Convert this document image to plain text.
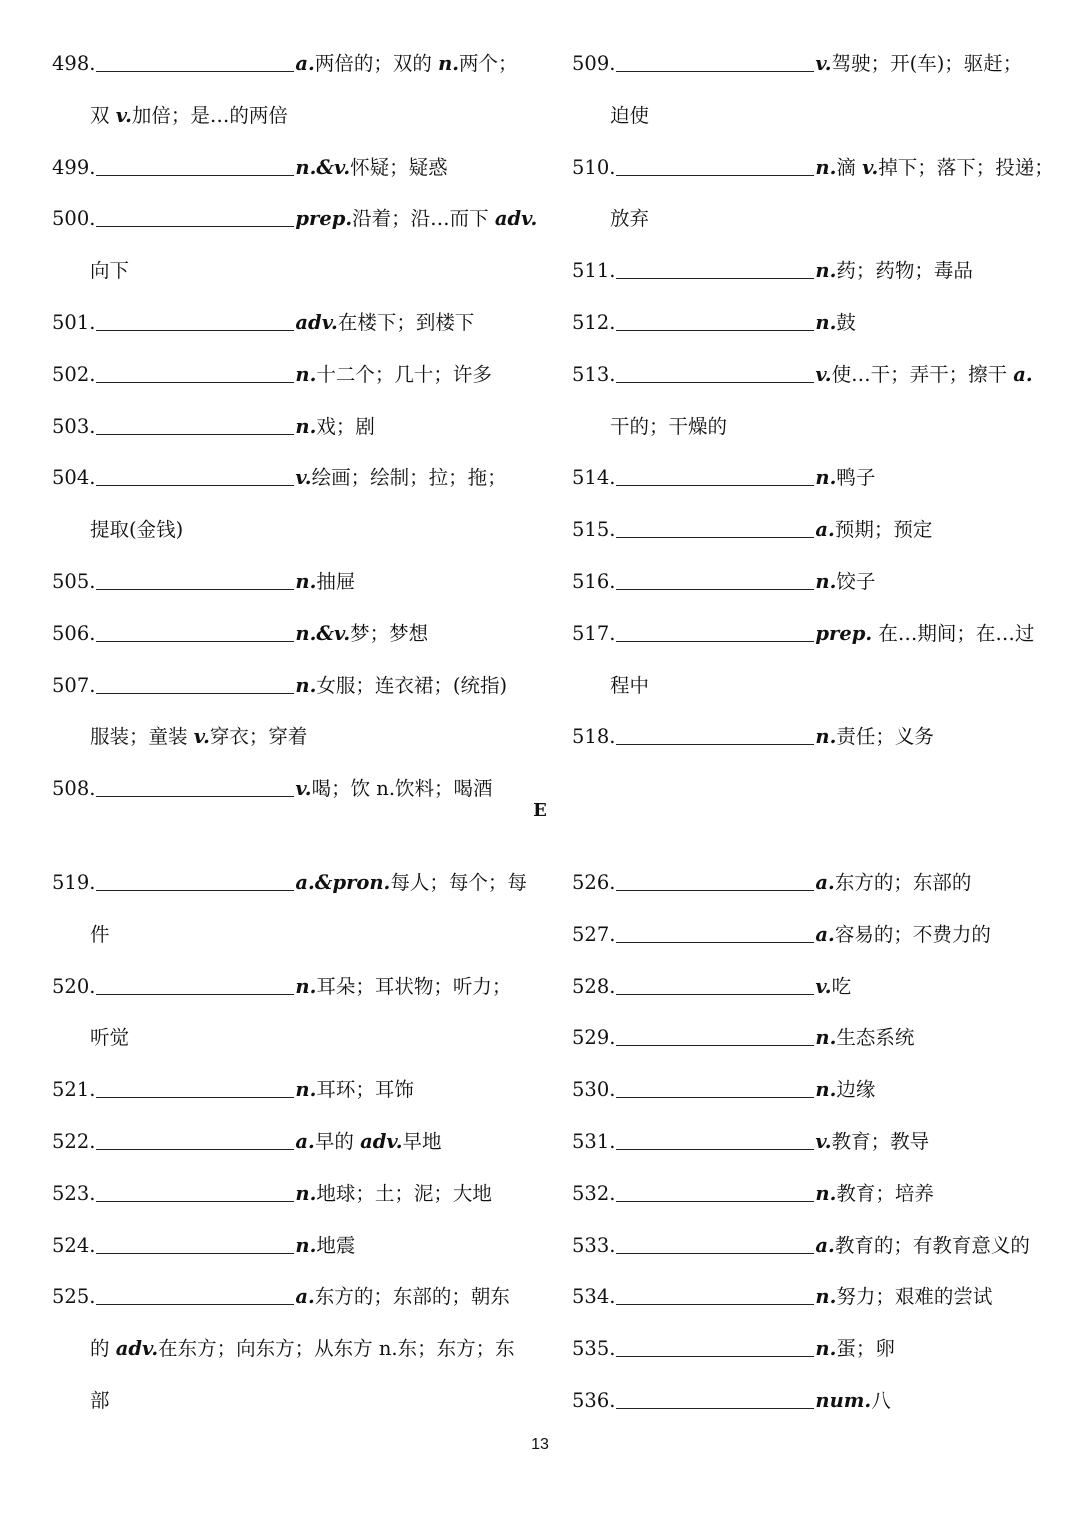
498.	a.两倍的；双的 n.两个；
双 v.加倍；是…的两倍
499.	n.&v.怀疑；疑惑
500.	prep.沿着；沿…而下 adv.
向下
501.	adv.在楼下；到楼下
502.	n.十二个；几十；许多
503.	n.戏；剧
504.	v.绘画；绘制；拉；拖；
提取(金钱)
505.	n.抽屉
506.	n.&v.梦；梦想
507.	n.女服；连衣裙；(统指)
服装；童装 v.穿衣；穿着
508.	v.喝；饮 n.饮料；喝酒
509.	v.驾驶；开(车)；驱赶；
迫使
510.	n.滴 v.掉下；落下；投递；
放弃
511.	n.药；药物；毒品
512.	n.鼓
513.	v.使…干；弄干；擦干 a.
干的；干燥的
514.	n.鸭子
515.	a.预期；预定
516.	n.饺子
517.	prep. 在…期间；在…过
程中
518.	n.责任；义务
E
519.	a.&pron.每人；每个；每
件
520.	n.耳朵；耳状物；听力；
听觉
521.	n.耳环；耳饰
522.	a.早的 adv.早地
523.	n.地球；土；泥；大地
524.	n.地震
525.	a.东方的；东部的；朝东
的 adv.在东方；向东方；从东方 n.东；东方；东
部
526.	a.东方的；东部的
527.	a.容易的；不费力的
528.	v.吃
529.	n.生态系统
530.	n.边缘
531.	v.教育；教导
532.	n.教育；培养
533.	a.教育的；有教育意义的
534.	n.努力；艰难的尝试
535.	n.蛋；卵
536.	num.八
13
